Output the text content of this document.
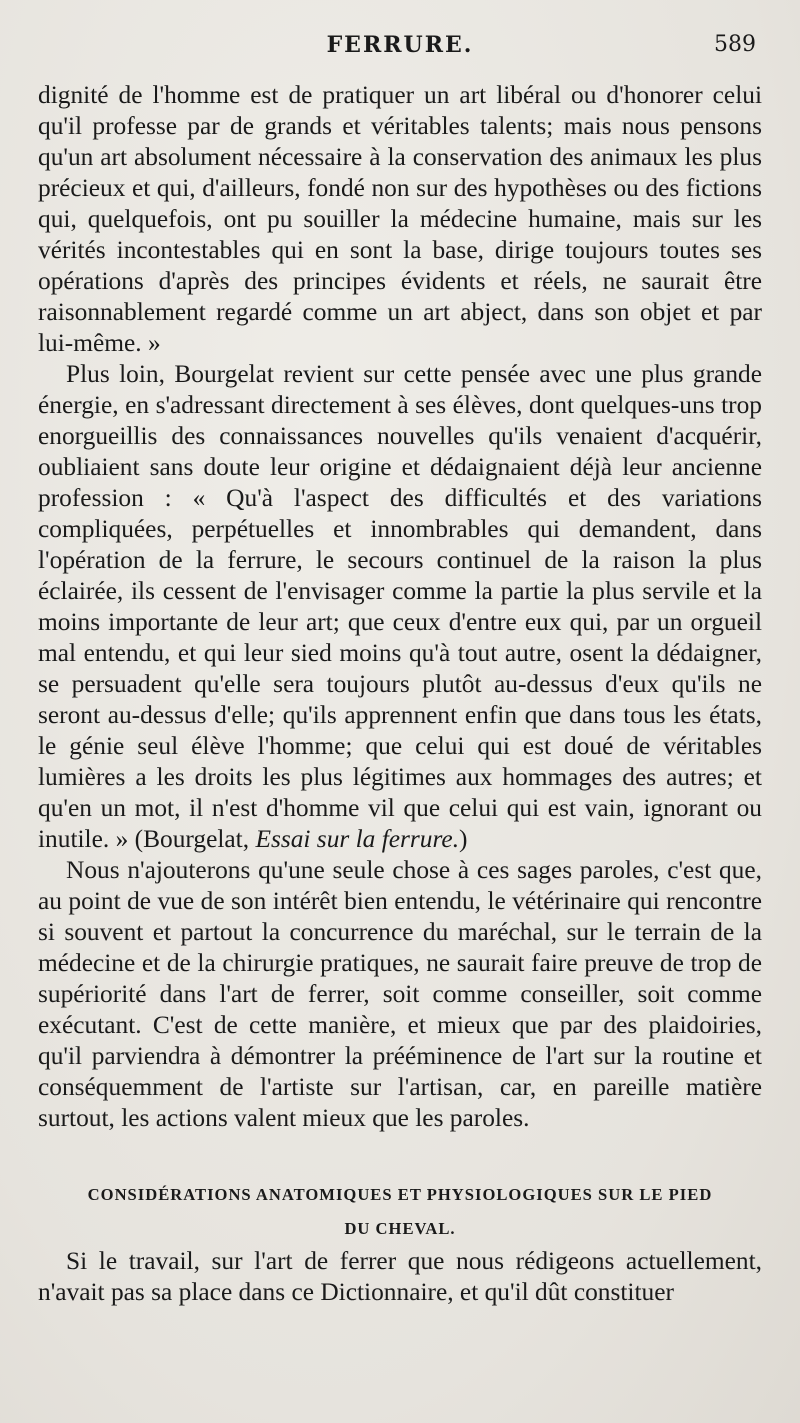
FERRURE.	589

dignité de l'homme est de pratiquer un art libéral ou d'honorer celui qu'il professe par de grands et véritables talents; mais nous pensons qu'un art absolument nécessaire à la conservation des animaux les plus précieux et qui, d'ailleurs, fondé non sur des hypothèses ou des fictions qui, quelquefois, ont pu souiller la médecine humaine, mais sur les vérités incontestables qui en sont la base, dirige toujours toutes ses opérations d'après des principes évidents et réels, ne saurait être raisonnablement regardé comme un art abject, dans son objet et par lui-même. »

Plus loin, Bourgelat revient sur cette pensée avec une plus grande énergie, en s'adressant directement à ses élèves, dont quelques-uns trop enorgueillis des connaissances nouvelles qu'ils venaient d'acquérir, oubliaient sans doute leur origine et dédaignaient déjà leur ancienne profession : « Qu'à l'aspect des difficultés et des variations compliquées, perpétuelles et innombrables qui demandent, dans l'opération de la ferrure, le secours continuel de la raison la plus éclairée, ils cessent de l'envisager comme la partie la plus servile et la moins importante de leur art; que ceux d'entre eux qui, par un orgueil mal entendu, et qui leur sied moins qu'à tout autre, osent la dédaigner, se persuadent qu'elle sera toujours plutôt au-dessus d'eux qu'ils ne seront au-dessus d'elle; qu'ils apprennent enfin que dans tous les états, le génie seul élève l'homme; que celui qui est doué de véritables lumières a les droits les plus légitimes aux hommages des autres; et qu'en un mot, il n'est d'homme vil que celui qui est vain, ignorant ou inutile. » (Bourgelat, Essai sur la ferrure.)

Nous n'ajouterons qu'une seule chose à ces sages paroles, c'est que, au point de vue de son intérêt bien entendu, le vétérinaire qui rencontre si souvent et partout la concurrence du maréchal, sur le terrain de la médecine et de la chirurgie pratiques, ne saurait faire preuve de trop de supériorité dans l'art de ferrer, soit comme conseiller, soit comme exécutant. C'est de cette manière, et mieux que par des plaidoiries, qu'il parviendra à démontrer la prééminence de l'art sur la routine et conséquemment de l'artiste sur l'artisan, car, en pareille matière surtout, les actions valent mieux que les paroles.

CONSIDÉRATIONS ANATOMIQUES ET PHYSIOLOGIQUES SUR LE PIED
DU CHEVAL.

Si le travail, sur l'art de ferrer que nous rédigeons actuellement, n'avait pas sa place dans ce Dictionnaire, et qu'il dût constituer
